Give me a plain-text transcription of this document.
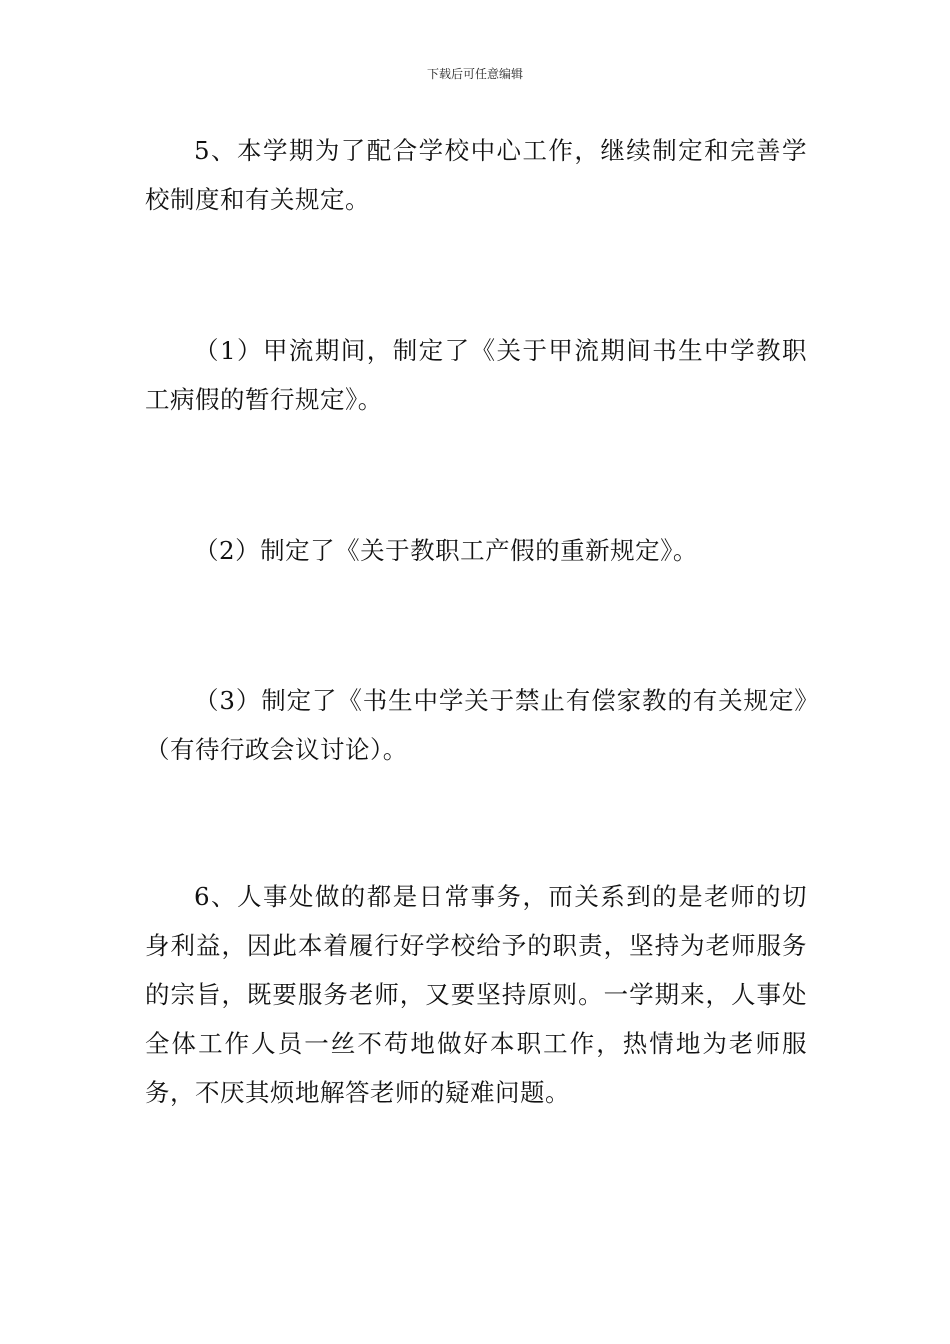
下载后可任意编辑

5、本学期为了配合学校中心工作，继续制定和完善学校制度和有关规定。

（1）甲流期间，制定了《关于甲流期间书生中学教职工病假的暂行规定》。

（2）制定了《关于教职工产假的重新规定》。

（3）制定了《书生中学关于禁止有偿家教的有关规定》（有待行政会议讨论）。

6、人事处做的都是日常事务，而关系到的是老师的切身利益，因此本着履行好学校给予的职责，坚持为老师服务的宗旨，既要服务老师，又要坚持原则。一学期来，人事处全体工作人员一丝不苟地做好本职工作，热情地为老师服务，不厌其烦地解答老师的疑难问题。
